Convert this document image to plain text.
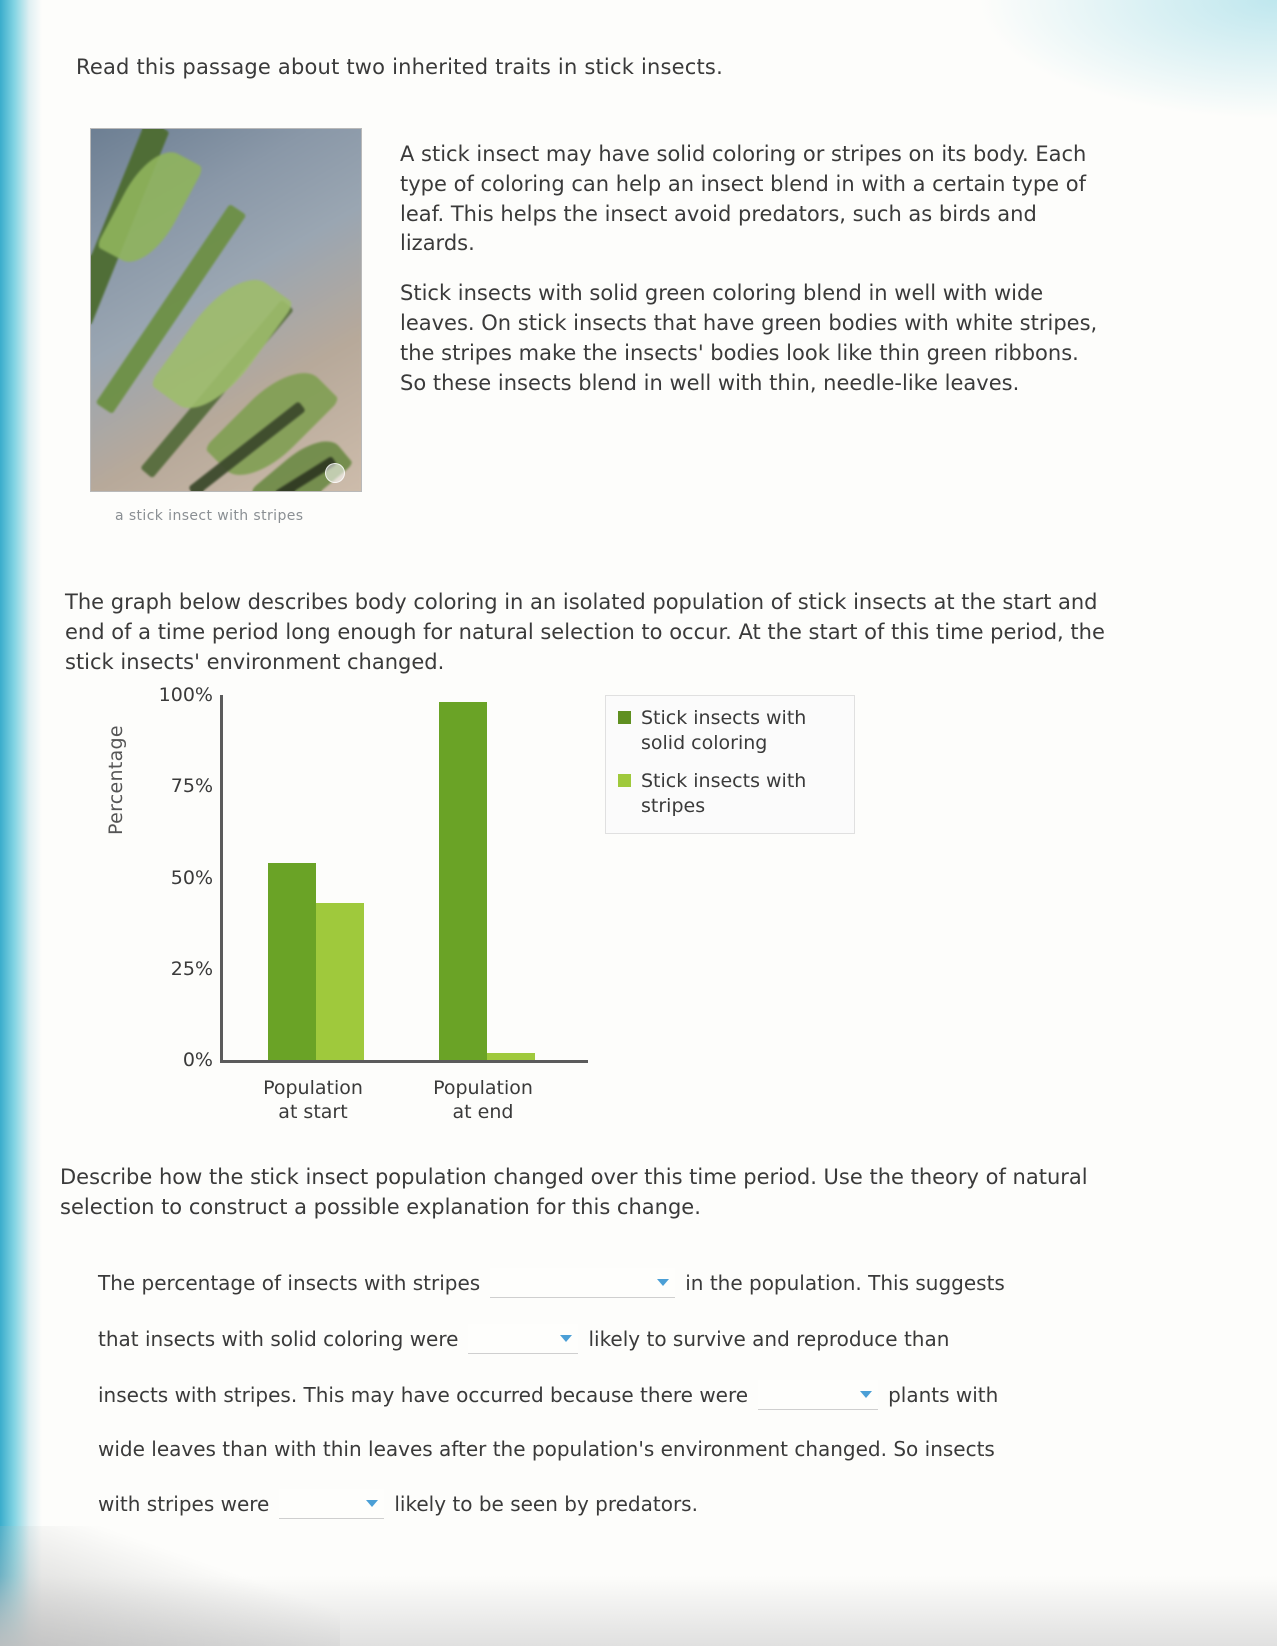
Read this passage about two inherited traits in stick insects.
a stick insect with stripes

A stick insect may have solid coloring or stripes on its body. Each type of coloring can help an insect blend in with a certain type of leaf. This helps the insect avoid predators, such as birds and lizards.

Stick insects with solid green coloring blend in well with wide leaves. On stick insects that have green bodies with white stripes, the stripes make the insects' bodies look like thin green ribbons. So these insects blend in well with thin, needle-like leaves.

The graph below describes body coloring in an isolated population of stick insects at the start and end of a time period long enough for natural selection to occur. At the start of this time period, the stick insects' environment changed.
Percentage
100%
75%
50%
25%
0%
Population
at start
Population
at end
Stick insects with
solid coloring
Stick insects with
stripes
Describe how the stick insect population changed over this time period. Use the theory of natural selection to construct a possible explanation for this change.
The percentage of insects with stripes	in the population. This suggests
that insects with solid coloring were	likely to survive and reproduce than
insects with stripes. This may have occurred because there were	plants with
wide leaves than with thin leaves after the population's environment changed. So insects
with stripes were	likely to be seen by predators.
